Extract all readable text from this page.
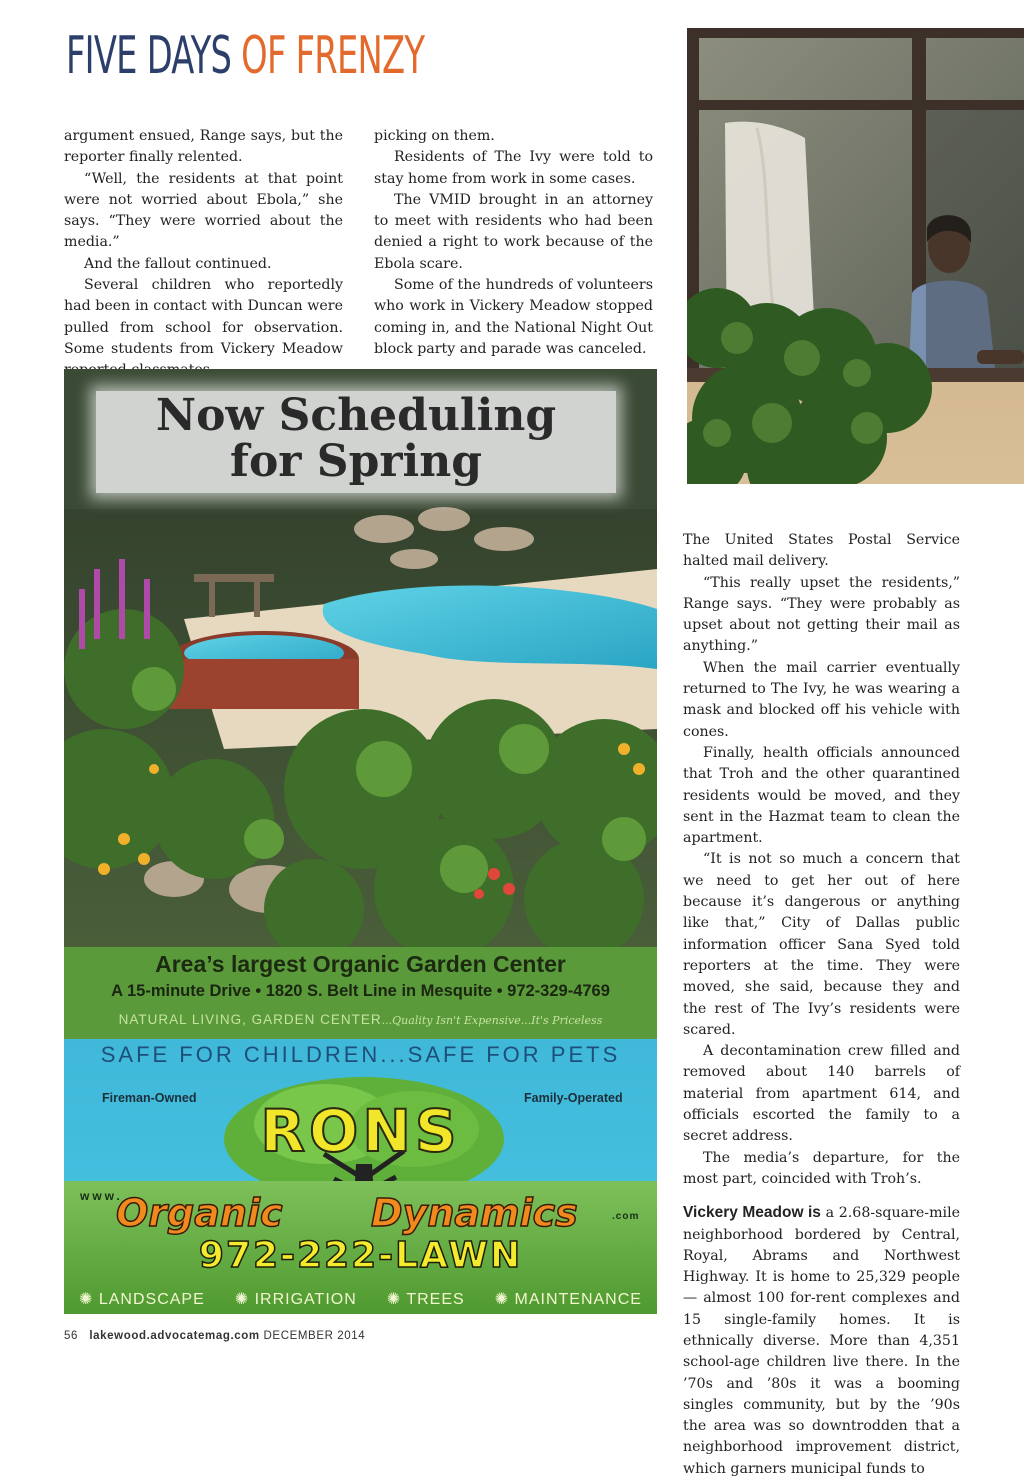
FIVE DAYS OF FRENZY

argument ensued, Range says, but the reporter finally relented.

“Well, the residents at that point were not worried about Ebola,” she says. “They were worried about the media.”

And the fallout continued.

Several children who reportedly had been in contact with Duncan were pulled from school for observation. Some students from Vickery Meadow

picking on them.

Residents of The Ivy were told to stay home from work in some cases.

The VMID brought in an attorney to meet with residents who had been denied a right to work because of the Ebola scare.

Some of the hundreds of volunteers who work in Vickery Meadow stopped coming in, and the National Night Out block party and parade was canceled.

The United States Postal Service halted mail delivery.

“This really upset the residents,” Range says. “They were probably as upset about not getting their mail as anything.”

When the mail carrier eventually returned to The Ivy, he was wearing a mask and blocked off his vehicle with cones.

Finally, health officials announced that Troh and the other quarantined residents would be moved, and they sent in the Hazmat team to clean the apartment.

“It is not so much a concern that we need to get her out of here because it’s dangerous or anything like that,” City of Dallas public information officer Sana Syed told reporters at the time. They were moved, she said, because they and the rest of The Ivy’s residents were scared.

A decontamination crew filled and removed about 140 barrels of material from apartment 614, and officials escorted the family to a secret address.

The media’s departure, for the most part, coincided with Troh’s.

Vickery Meadow is a 2.68-square-mile neighborhood bordered by Central, Royal, Abrams and Northwest Highway. It is home to 25,329 people — almost 100 for-rent complexes and 15 single-family homes. It is ethnically diverse. More than 4,351 school-age children live there. In the ’70s and ’80s it was a booming singles community, but by the ’90s the area was so downtrodden that a neighborhood improvement district, which garners municipal funds to

Now Scheduling
for Spring
Area’s largest Organic Garden Center
A 15-minute Drive • 1820 S. Belt Line in Mesquite • 972-329-4769
NATURAL LIVING, GARDEN CENTER...Quality Isn't Expensive...It's Priceless
SAFE FOR CHILDREN...SAFE FOR PETS
Fireman-Owned	Family-Operated
RONS
www.
Organic Dynamics	.com
972-222-LAWN
✺ LANDSCAPE	✺ IRRIGATION	✺ TREES	✺ MAINTENANCE
56 lakewood.advocatemag.com DECEMBER 2014
